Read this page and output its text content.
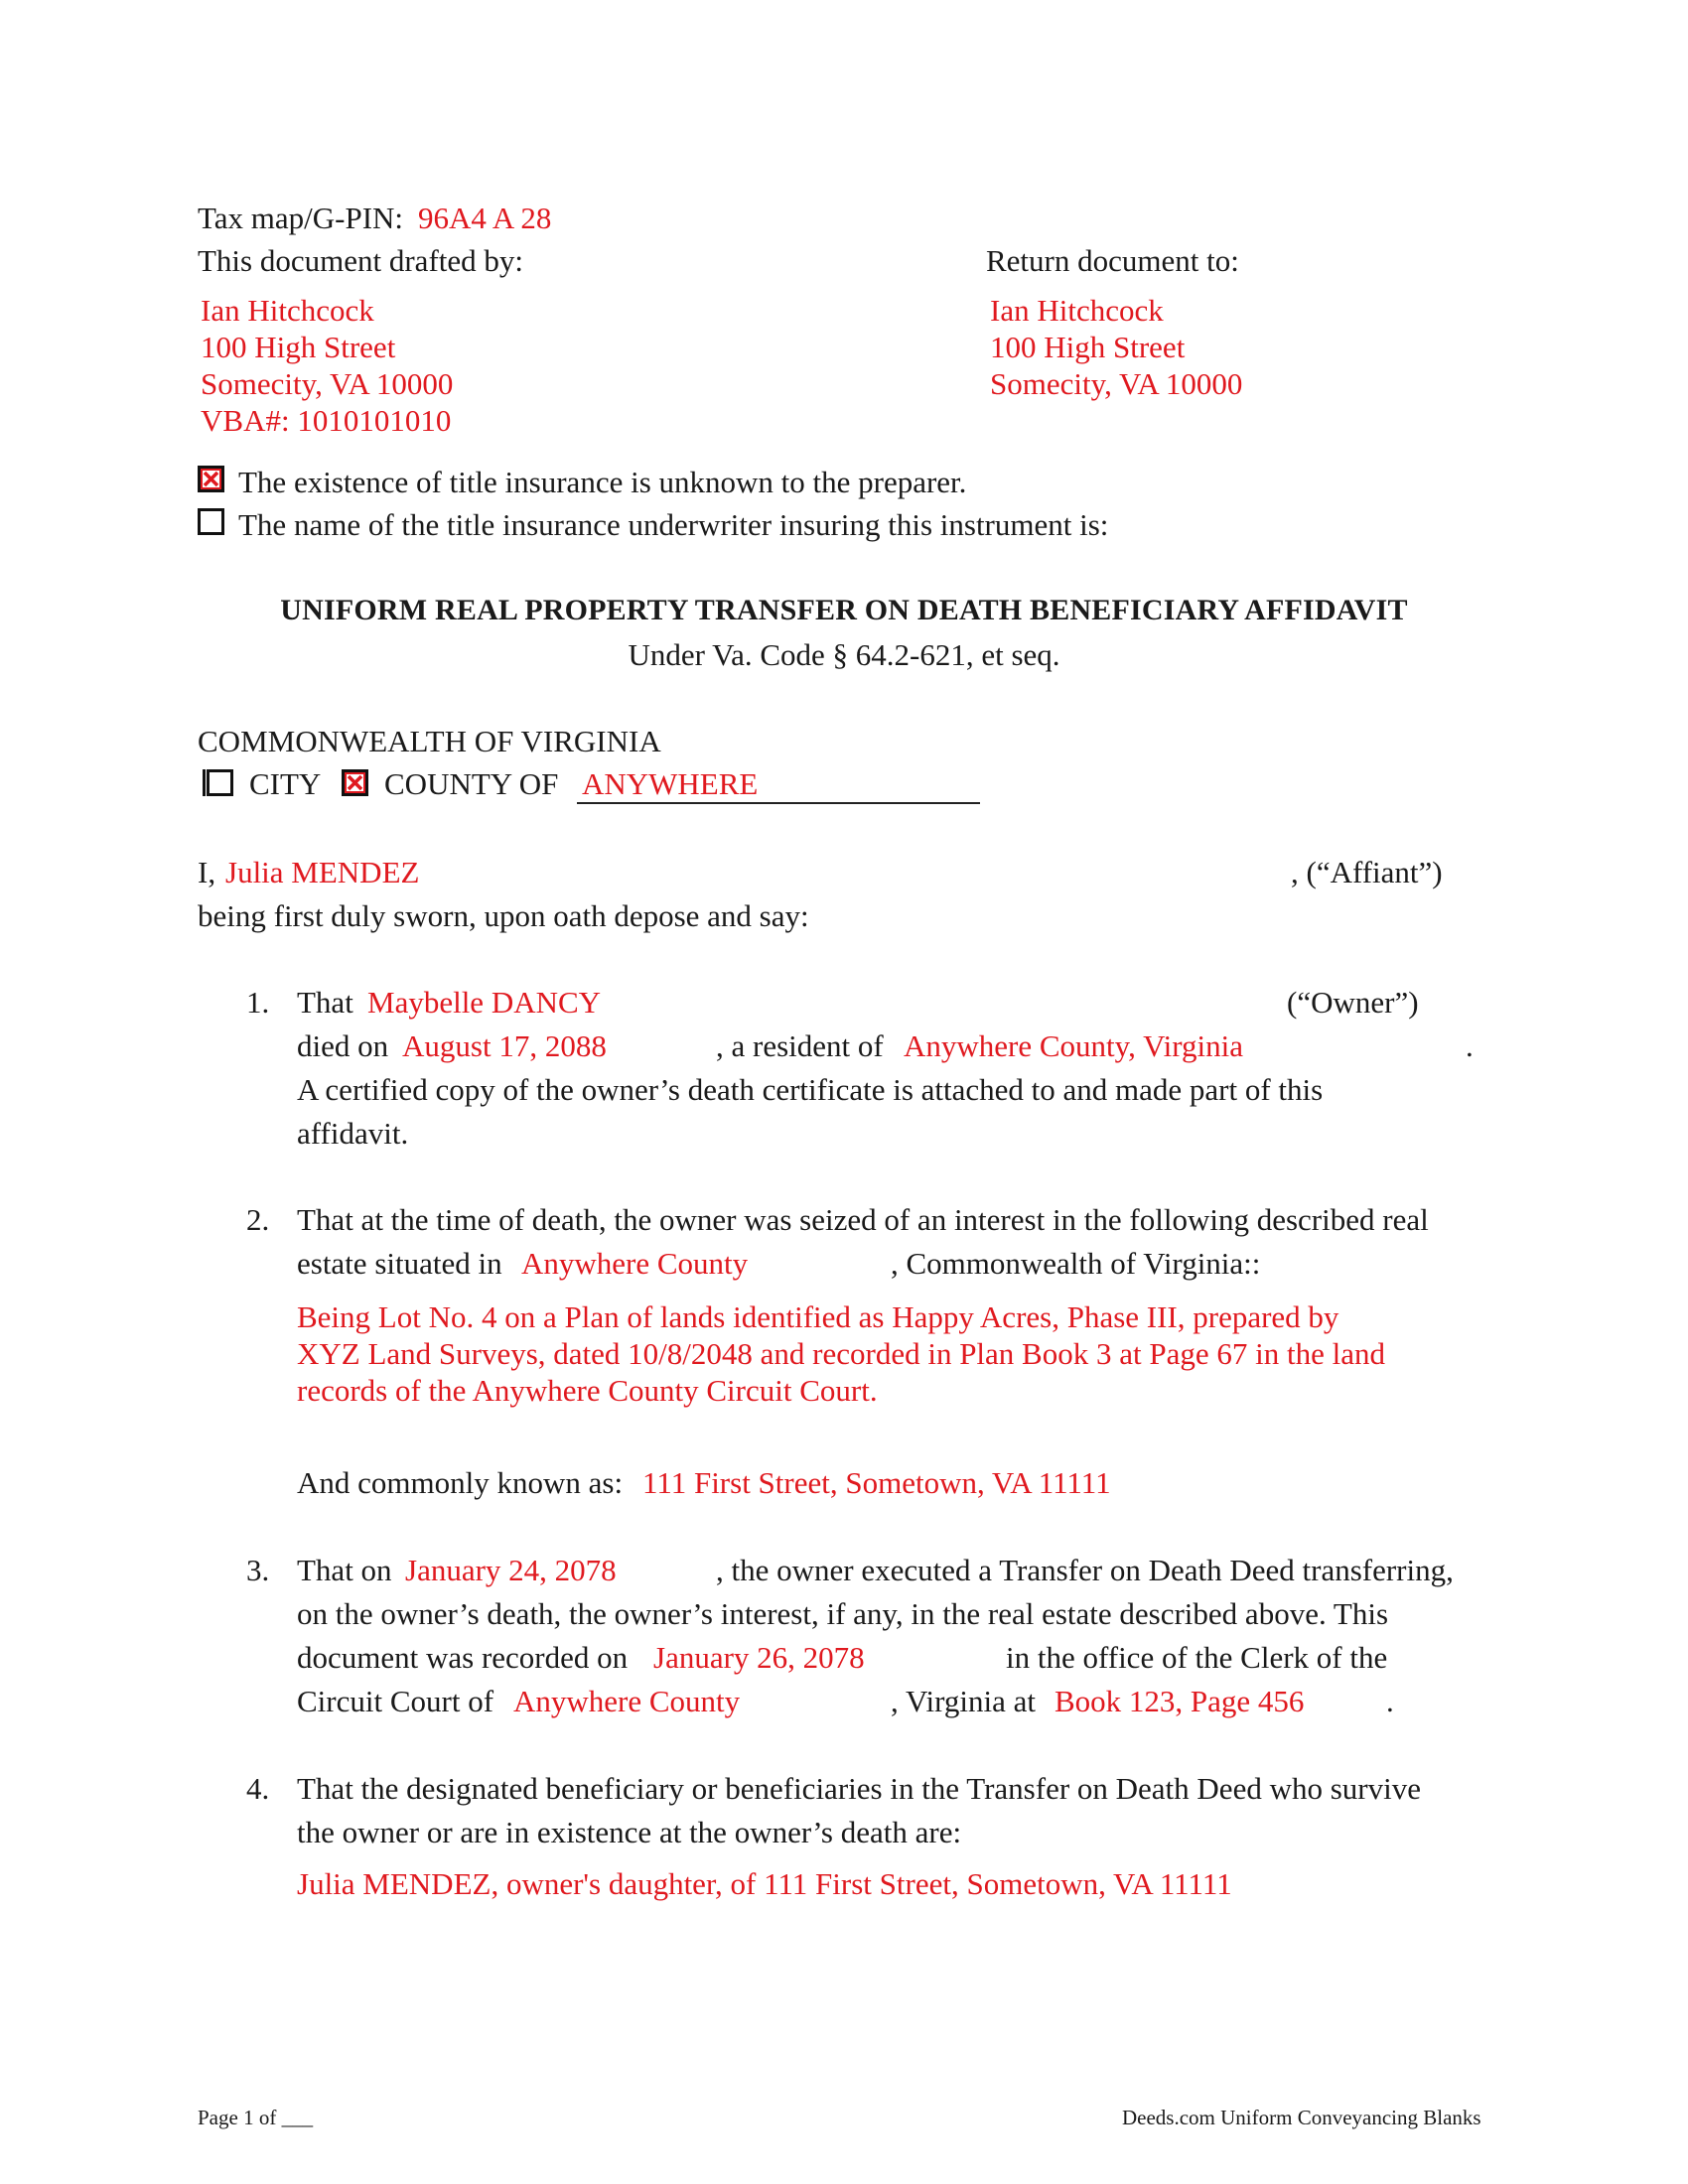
Tax map/G-PIN: 96A4 A 28
This document drafted by:	Return document to:
Ian Hitchcock
100 High Street
Somecity, VA 10000
VBA#: 1010101010
Ian Hitchcock
100 High Street
Somecity, VA 10000
The existence of title insurance is unknown to the preparer.
The name of the title insurance underwriter insuring this instrument is:
UNIFORM REAL PROPERTY TRANSFER ON DEATH BENEFICIARY AFFIDAVIT
Under Va. Code § 64.2-621, et seq.
COMMONWEALTH OF VIRGINIA
CITY COUNTY OF ANYWHERE
I, Julia MENDEZ	, (“Affiant”)
being first duly sworn, upon oath depose and say:
1. That Maybelle DANCY	(“Owner”)
died on August 17, 2088	, a resident of Anywhere County, Virginia	.
A certified copy of the owner’s death certificate is attached to and made part of this
affidavit.
2. That at the time of death, the owner was seized of an interest in the following described real
estate situated in Anywhere County	, Commonwealth of Virginia::
Being Lot No. 4 on a Plan of lands identified as Happy Acres, Phase III, prepared by
XYZ Land Surveys, dated 10/8/2048 and recorded in Plan Book 3 at Page 67 in the land
records of the Anywhere County Circuit Court.
And commonly known as: 111 First Street, Sometown, VA 11111
3. That on January 24, 2078	, the owner executed a Transfer on Death Deed transferring,
on the owner’s death, the owner’s interest, if any, in the real estate described above. This
document was recorded on January 26, 2078	in the office of the Clerk of the
Circuit Court of Anywhere County	, Virginia at Book 123, Page 456	.
4. That the designated beneficiary or beneficiaries in the Transfer on Death Deed who survive
the owner or are in existence at the owner’s death are:
Julia MENDEZ, owner's daughter, of 111 First Street, Sometown, VA 11111
Page 1 of ___	Deeds.com Uniform Conveyancing Blanks
